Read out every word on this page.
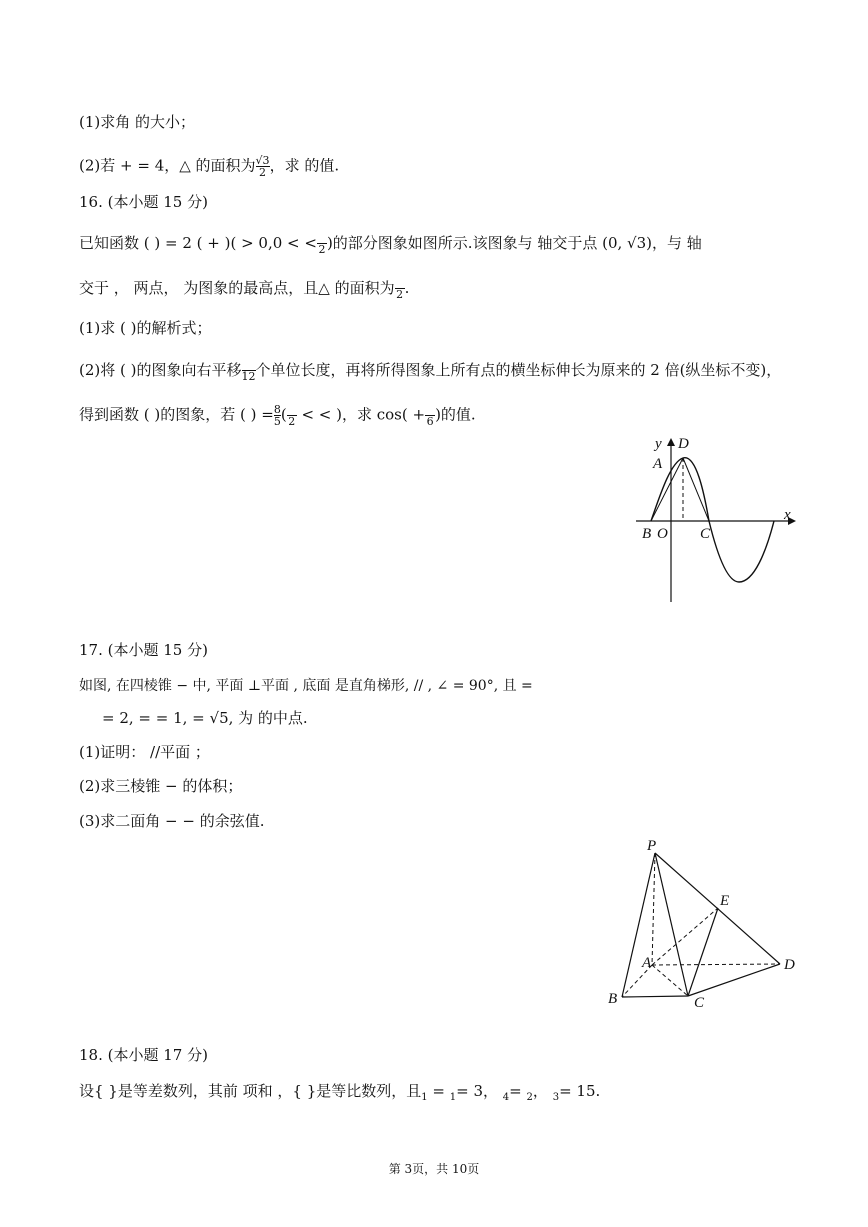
(1)求角 的大小；
(2)若 + = 4，△ 的面积为 $\frac{√3}{2}$ ，求 的值.
16. (本小题 15 分)
已知函数 ( ) = 2 ( + )( > 0,0 < < 2 )的部分图象如图所示.该图象与 轴交于点 (0, √3)，与 轴
交于 ， 两点， 为图象的最高点，且△ 的面积为 2 .
(1)求 ( )的解析式；
(2)将 ( )的图象向右平移 12 个单位长度，再将所得图象上所有点的横坐标伸长为原来的 2 倍(纵坐标不变)，
得到函数 ( )的图象，若 ( ) = $\frac{8}{5}$ ( 2 < < )，求 cos( + 6 )的值.
y D
A
B O C
x
17. (本小题 15 分)
如图, 在四棱锥 − 中, 平面 ⊥平面 , 底面 是直角梯形, // , ∠ = 90°, 且 =
= 2, = = 1, = √5, 为 的中点.
(1)证明： //平面 ；
(2)求三棱锥 − 的体积；
(3)求二面角 − − 的余弦值.
P
E
A	D
B	C
18. (本小题 17 分)
设{ }是等差数列，其前 项和 ，{ }是等比数列，且$_1$ = $_1$= 3， $_4$= $_2$， $_3$= 15.
第 3页，共 10页
